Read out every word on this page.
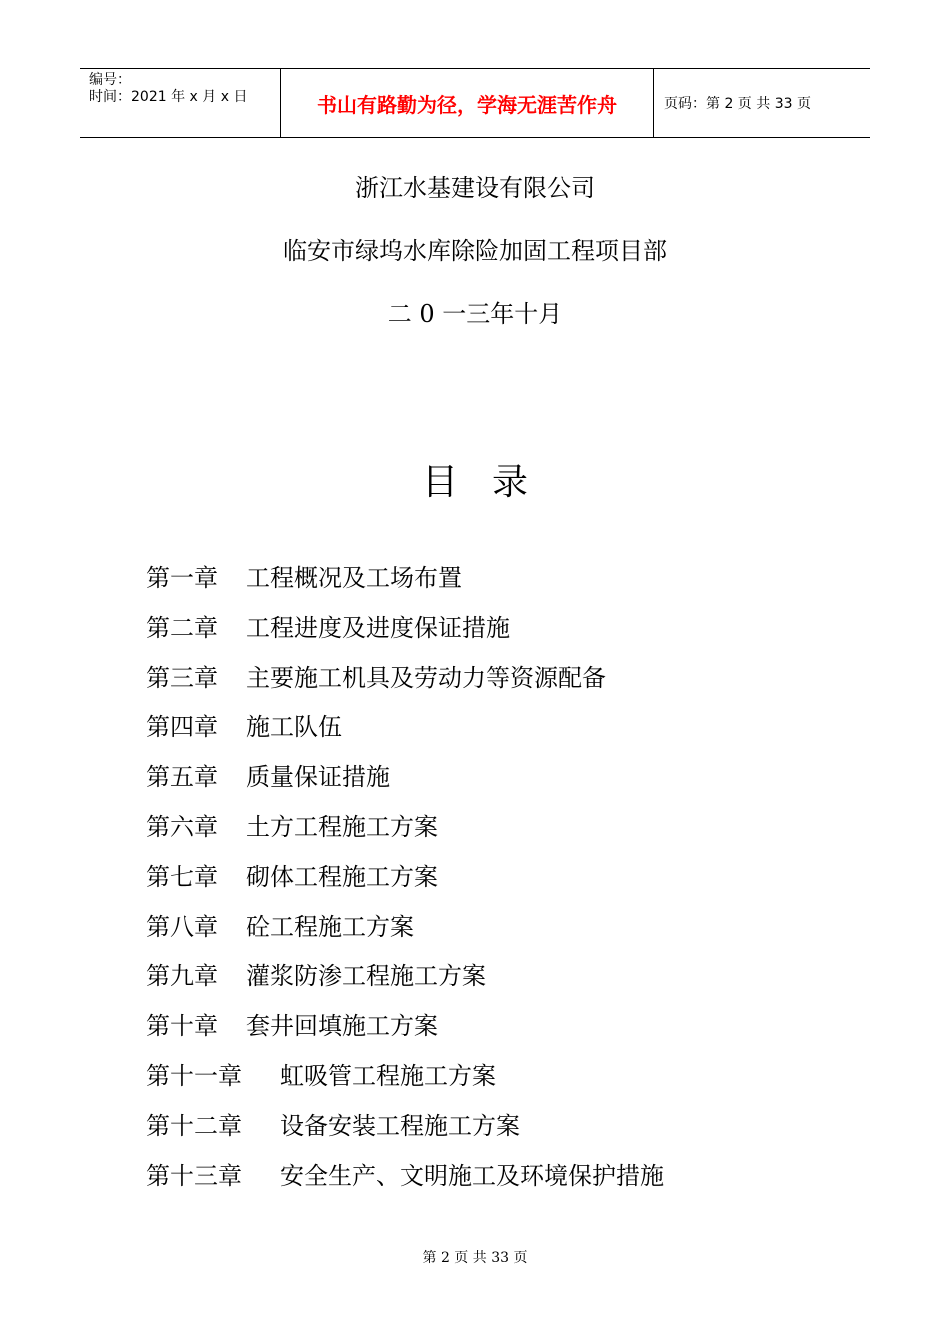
编号：
时间：2021 年 x 月 x 日	书山有路勤为径，学海无涯苦作舟	页码：第 2 页 共 33 页
浙江水基建设有限公司
临安市绿坞水库除险加固工程项目部
二 0 一三年十月
目录
第一章	工程概况及工场布置
第二章	工程进度及进度保证措施
第三章	主要施工机具及劳动力等资源配备
第四章	施工队伍
第五章	质量保证措施
第六章	土方工程施工方案
第七章	砌体工程施工方案
第八章	砼工程施工方案
第九章	灌浆防渗工程施工方案
第十章	套井回填施工方案
第十一章	虹吸管工程施工方案
第十二章	设备安装工程施工方案
第十三章	安全生产、文明施工及环境保护措施
第 2 页 共 33 页
